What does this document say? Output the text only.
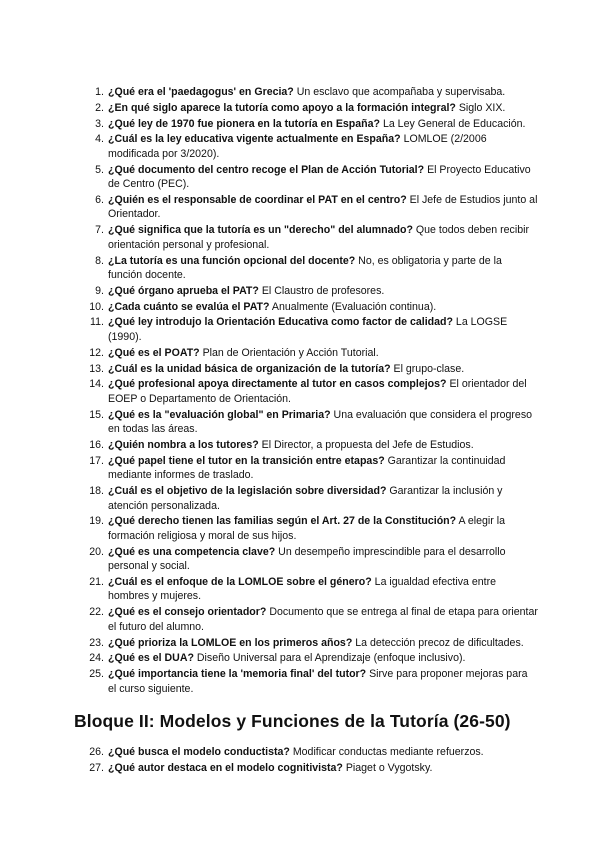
1. ¿Qué era el 'paedagogus' en Grecia? Un esclavo que acompañaba y supervisaba.
2. ¿En qué siglo aparece la tutoría como apoyo a la formación integral? Siglo XIX.
3. ¿Qué ley de 1970 fue pionera en la tutoría en España? La Ley General de Educación.
4. ¿Cuál es la ley educativa vigente actualmente en España? LOMLOE (2/2006 modificada por 3/2020).
5. ¿Qué documento del centro recoge el Plan de Acción Tutorial? El Proyecto Educativo de Centro (PEC).
6. ¿Quién es el responsable de coordinar el PAT en el centro? El Jefe de Estudios junto al Orientador.
7. ¿Qué significa que la tutoría es un "derecho" del alumnado? Que todos deben recibir orientación personal y profesional.
8. ¿La tutoría es una función opcional del docente? No, es obligatoria y parte de la función docente.
9. ¿Qué órgano aprueba el PAT? El Claustro de profesores.
10. ¿Cada cuánto se evalúa el PAT? Anualmente (Evaluación continua).
11. ¿Qué ley introdujo la Orientación Educativa como factor de calidad? La LOGSE (1990).
12. ¿Qué es el POAT? Plan de Orientación y Acción Tutorial.
13. ¿Cuál es la unidad básica de organización de la tutoría? El grupo-clase.
14. ¿Qué profesional apoya directamente al tutor en casos complejos? El orientador del EOEP o Departamento de Orientación.
15. ¿Qué es la "evaluación global" en Primaria? Una evaluación que considera el progreso en todas las áreas.
16. ¿Quién nombra a los tutores? El Director, a propuesta del Jefe de Estudios.
17. ¿Qué papel tiene el tutor en la transición entre etapas? Garantizar la continuidad mediante informes de traslado.
18. ¿Cuál es el objetivo de la legislación sobre diversidad? Garantizar la inclusión y atención personalizada.
19. ¿Qué derecho tienen las familias según el Art. 27 de la Constitución? A elegir la formación religiosa y moral de sus hijos.
20. ¿Qué es una competencia clave? Un desempeño imprescindible para el desarrollo personal y social.
21. ¿Cuál es el enfoque de la LOMLOE sobre el género? La igualdad efectiva entre hombres y mujeres.
22. ¿Qué es el consejo orientador? Documento que se entrega al final de etapa para orientar el futuro del alumno.
23. ¿Qué prioriza la LOMLOE en los primeros años? La detección precoz de dificultades.
24. ¿Qué es el DUA? Diseño Universal para el Aprendizaje (enfoque inclusivo).
25. ¿Qué importancia tiene la 'memoria final' del tutor? Sirve para proponer mejoras para el curso siguiente.
Bloque II: Modelos y Funciones de la Tutoría (26-50)
26. ¿Qué busca el modelo conductista? Modificar conductas mediante refuerzos.
27. ¿Qué autor destaca en el modelo cognitivista? Piaget o Vygotsky.
